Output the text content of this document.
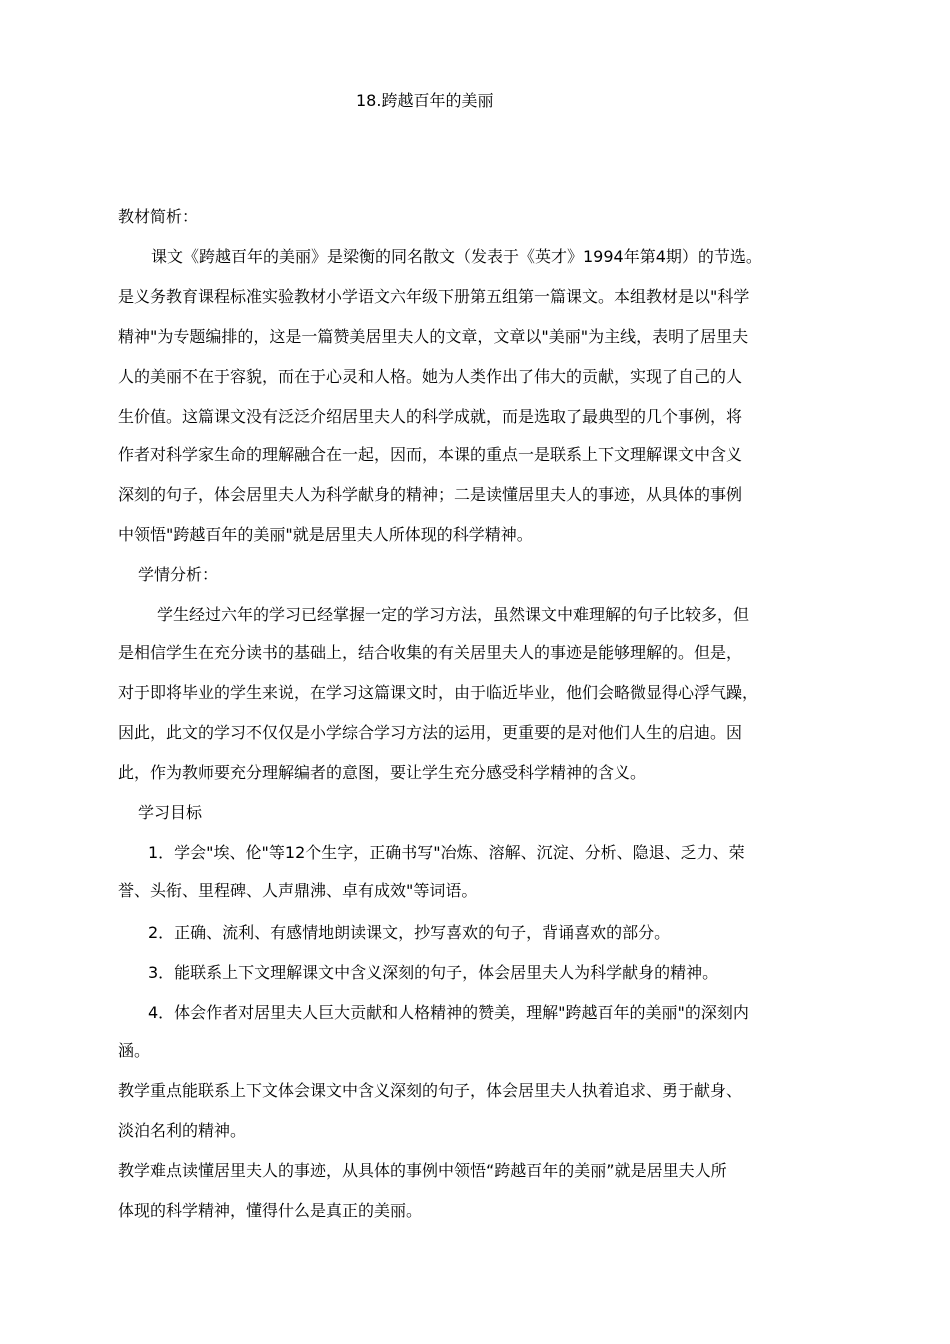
18.跨越百年的美丽
教材简析：
课文《跨越百年的美丽》是梁衡的同名散文（发表于《英才》1994年第4期）的节选。
是义务教育课程标准实验教材小学语文六年级下册第五组第一篇课文。本组教材是以"科学
精神"为专题编排的，这是一篇赞美居里夫人的文章，文章以"美丽"为主线，表明了居里夫
人的美丽不在于容貌，而在于心灵和人格。她为人类作出了伟大的贡献，实现了自己的人
生价值。这篇课文没有泛泛介绍居里夫人的科学成就，而是选取了最典型的几个事例，将
作者对科学家生命的理解融合在一起，因而，本课的重点一是联系上下文理解课文中含义
深刻的句子，体会居里夫人为科学献身的精神；二是读懂居里夫人的事迹，从具体的事例
中领悟"跨越百年的美丽"就是居里夫人所体现的科学精神。
学情分析：
学生经过六年的学习已经掌握一定的学习方法，虽然课文中难理解的句子比较多，但
是相信学生在充分读书的基础上，结合收集的有关居里夫人的事迹是能够理解的。但是，
对于即将毕业的学生来说，在学习这篇课文时，由于临近毕业，他们会略微显得心浮气躁，
因此，此文的学习不仅仅是小学综合学习方法的运用，更重要的是对他们人生的启迪。因
此，作为教师要充分理解编者的意图，要让学生充分感受科学精神的含义。
学习目标
1．学会"埃、伦"等12个生字，正确书写"冶炼、溶解、沉淀、分析、隐退、乏力、荣
誉、头衔、里程碑、人声鼎沸、卓有成效"等词语。
2．正确、流利、有感情地朗读课文，抄写喜欢的句子，背诵喜欢的部分。
3．能联系上下文理解课文中含义深刻的句子，体会居里夫人为科学献身的精神。
4．体会作者对居里夫人巨大贡献和人格精神的赞美，理解"跨越百年的美丽"的深刻内
涵。
教学重点能联系上下文体会课文中含义深刻的句子，体会居里夫人执着追求、勇于献身、
淡泊名利的精神。
教学难点读懂居里夫人的事迹，从具体的事例中领悟“跨越百年的美丽”就是居里夫人所
体现的科学精神，懂得什么是真正的美丽。
